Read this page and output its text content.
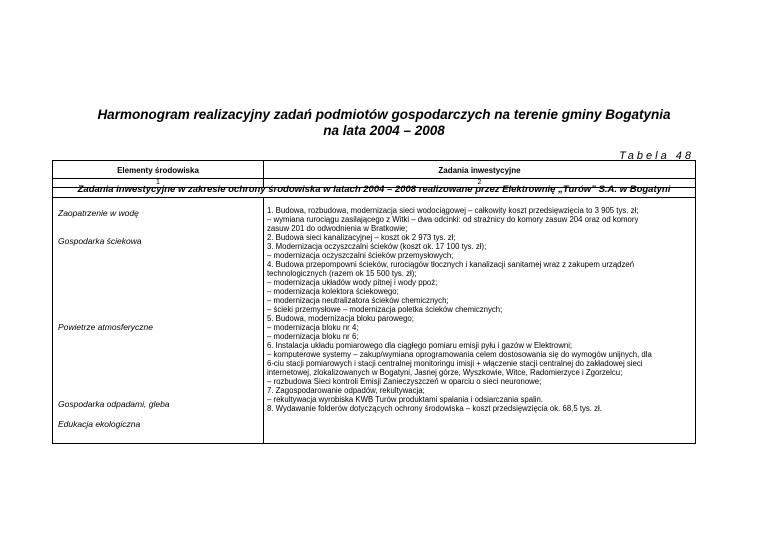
Harmonogram realizacyjny zadań podmiotów gospodarczych na terenie gminy Bogatynia
na lata 2004 – 2008
Tabela 48
Elementy środowiska	Zadania inwestycyjne
1	2
Zadania inwestycyjne w zakresie ochrony środowiska w latach 2004 – 2008 realizowane przez Elektrownię „Turów” S.A. w Bogatyni
Zaopatrzenie w wodę
Gospodarka ściekowa
Powietrze atmosferyczne
Gospodarka odpadami, gleba
Edukacja ekologiczna
1. Budowa, rozbudowa, modernizacja sieci wodociągowej – całkowity koszt przedsięwzięcia to 3 905 tys. zł;
– wymiana rurociągu zasilającego z Witki – dwa odcinki: od strażnicy do komory zasuw 204 oraz od komory
zasuw 201 do odwodnienia w Bratkowie;
2. Budowa sieci kanalizacyjnej – koszt ok 2 973 tys. zł;
3. Modernizacja oczyszczalni ścieków (koszt ok. 17 100 tys. zł);
– modernizacja oczyszczalni ścieków przemysłowych;
4. Budowa przepompowni ścieków, rurociągów tłocznych i kanalizacji sanitarnej wraz z zakupem urządzeń
technologicznych (razem ok 15 500 tys. zł);
– modernizacja układów wody pitnej i wody ppoż;
– modernizacja kolektora ściekowego;
– modernizacja neutralizatora ścieków chemicznych;
– ścieki przemysłowe – modernizacja poletka ścieków chemicznych;
5. Budowa, modernizacja bloku parowego;
– modernizacja bloku nr 4;
– modernizacja bloku nr 6;
6. Instalacja układu pomiarowego dla ciągłego pomiaru emisji pyłu i gazów w Elektrowni;
– komputerowe systemy – zakup/wymiana oprogramowania celem dostosowania się do wymogów unijnych, dla
6-ciu stacji pomiarowych i stacji centralnej monitoringu imisji + włączenie stacji centralnej do zakładowej sieci
internetowej, zlokalizowanych w Bogatyni, Jasnej górze, Wyszkowie, Witce, Radomierzyce i Zgorzelcu;
– rozbudowa Sieci kontroli Emisji Zanieczyszczeń w oparciu o sieci neuronowe;
7. Zagospodarowanie odpadów, rekultywacja;
– rekultywacja wyrobiska KWB Turów produktami spalania i odsiarczania spalin.
8. Wydawanie folderów dotyczących ochrony środowiska – koszt przedsięwzięcia ok. 68,5 tys. zł.
